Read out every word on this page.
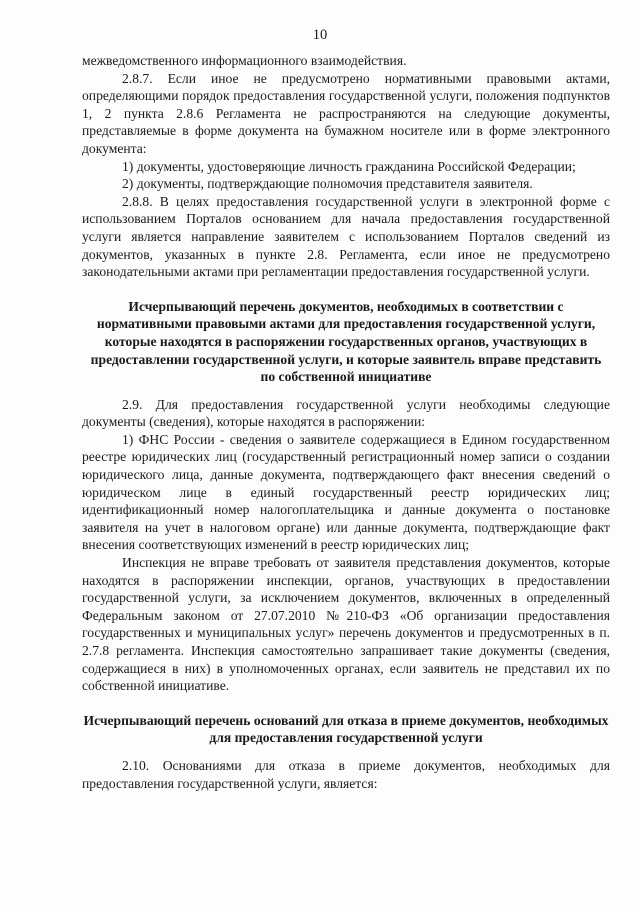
10

межведомственного информационного взаимодействия.

2.8.7. Если иное не предусмотрено нормативными правовыми актами, определяющими порядок предоставления государственной услуги, положения подпунктов 1, 2 пункта 2.8.6 Регламента не распространяются на следующие документы, представляемые в форме документа на бумажном носителе или в форме электронного документа:

1) документы, удостоверяющие личность гражданина Российской Федерации;

2) документы, подтверждающие полномочия представителя заявителя.

2.8.8. В целях предоставления государственной услуги в электронной форме с использованием Порталов основанием для начала предоставления государственной услуги является направление заявителем с использованием Порталов сведений из документов, указанных в пункте 2.8. Регламента, если иное не предусмотрено законодательными актами при регламентации предоставления государственной услуги.

Исчерпывающий перечень документов, необходимых в соответствии с нормативными правовыми актами для предоставления государственной услуги, которые находятся в распоряжении государственных органов, участвующих в предоставлении государственной услуги, и которые заявитель вправе представить по собственной инициативе

2.9. Для предоставления государственной услуги необходимы следующие документы (сведения), которые находятся в распоряжении:

1) ФНС России - сведения о заявителе содержащиеся в Едином государственном реестре юридических лиц (государственный регистрационный номер записи о создании юридического лица, данные документа, подтверждающего факт внесения сведений о юридическом лице в единый государственный реестр юридических лиц; идентификационный номер налогоплательщика и данные документа о постановке заявителя на учет в налоговом органе) или данные документа, подтверждающие факт внесения соответствующих изменений в реестр юридических лиц;

Инспекция не вправе требовать от заявителя представления документов, которые находятся в распоряжении инспекции, органов, участвующих в предоставлении государственной услуги, за исключением документов, включенных в определенный Федеральным законом от 27.07.2010 №210-ФЗ «Об организации предоставления государственных и муниципальных услуг» перечень документов и предусмотренных в п. 2.7.8 регламента. Инспекция самостоятельно запрашивает такие документы (сведения, содержащиеся в них) в уполномоченных органах, если заявитель не представил их по собственной инициативе.

Исчерпывающий перечень оснований для отказа в приеме документов, необходимых для предоставления государственной услуги

2.10. Основаниями для отказа в приеме документов, необходимых для предоставления государственной услуги, является:
